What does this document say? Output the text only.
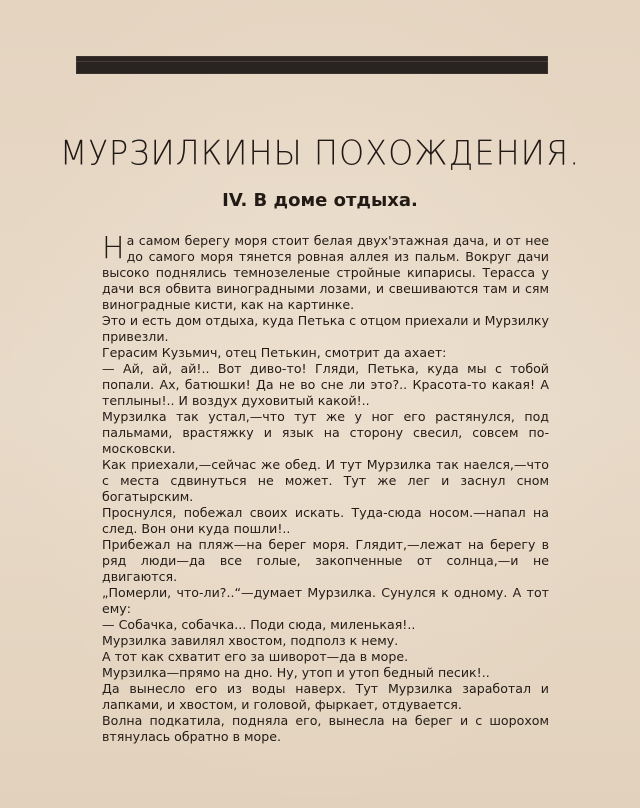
МУРЗИЛКИНЫ ПОХОЖДЕНИЯ.
IV. В доме отдыха.

На самом берегу моря стоит белая двух'этажная дача, и от нее до самого моря тянется ровная аллея из пальм. Вокруг дачи высоко поднялись темнозеленые стройные кипарисы. Терасса у дачи вся обвита виноградными лозами, и свешиваются там и сям виноградные кисти, как на картинке.

Это и есть дом отдыха, куда Петька с отцом приехали и Мурзилку привезли.

Герасим Кузьмич, отец Петькин, смотрит да ахает:

— Ай, ай, ай!.. Вот диво-то! Гляди, Петька, куда мы с тобой попали. Ах, батюшки! Да не во сне ли это?.. Красота-то какая! А теплыны!.. И воздух духовитый какой!..

Мурзилка так устал,—что тут же у ног его растянулся, под пальмами, врастяжку и язык на сторону свесил, совсем по-московски.

Как приехали,—сейчас же обед. И тут Мурзилка так наелся,—что с места сдвинуться не может. Тут же лег и заснул сном богатырским.

Проснулся, побежал своих искать. Туда-сюда носом.—напал на след. Вон они куда пошли!..

Прибежал на пляж—на берег моря. Глядит,—лежат на берегу в ряд люди—да все голые, закопченные от солнца,—и не двигаются.

„Померли, что-ли?..“—думает Мурзилка. Сунулся к одному. А тот ему:

— Собачка, собачка... Поди сюда, миленькая!..

Мурзилка завилял хвостом, подполз к нему.

А тот как схватит его за шиворот—да в море.

Мурзилка—прямо на дно. Ну, утоп и утоп бедный песик!..

Да вынесло его из воды наверх. Тут Мурзилка заработал и лапками, и хвостом, и головой, фыркает, отдувается.

Волна подкатила, подняла его, вынесла на берег и с шорохом втянулась обратно в море.
